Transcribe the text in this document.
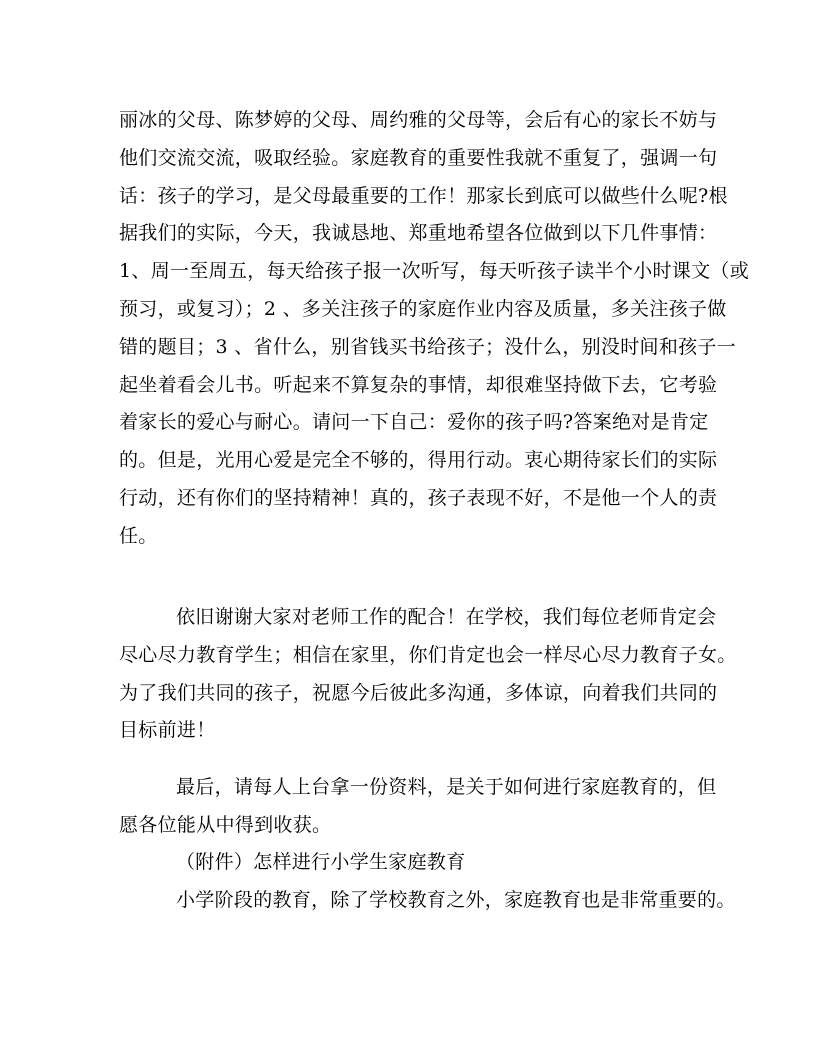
丽冰的父母、陈梦婷的父母、周约雅的父母等，会后有心的家长不妨与
他们交流交流，吸取经验。家庭教育的重要性我就不重复了，强调一句
话：孩子的学习，是父母最重要的工作！那家长到底可以做些什么呢?根
据我们的实际，今天，我诚恳地、郑重地希望各位做到以下几件事情：
1、周一至周五，每天给孩子报一次听写，每天听孩子读半个小时课文（或
预习，或复习）；2 、多关注孩子的家庭作业内容及质量，多关注孩子做
错的题目；3 、省什么，别省钱买书给孩子；没什么，别没时间和孩子一
起坐着看会儿书。听起来不算复杂的事情，却很难坚持做下去，它考验
着家长的爱心与耐心。请问一下自己：爱你的孩子吗?答案绝对是肯定
的。但是，光用心爱是完全不够的，得用行动。衷心期待家长们的实际
行动，还有你们的坚持精神！真的，孩子表现不好，不是他一个人的责
任。
依旧谢谢大家对老师工作的配合！在学校，我们每位老师肯定会
尽心尽力教育学生；相信在家里，你们肯定也会一样尽心尽力教育子女。
为了我们共同的孩子，祝愿今后彼此多沟通，多体谅，向着我们共同的
目标前进！
最后，请每人上台拿一份资料，是关于如何进行家庭教育的，但
愿各位能从中得到收获。
（附件）怎样进行小学生家庭教育
小学阶段的教育，除了学校教育之外，家庭教育也是非常重要的。
